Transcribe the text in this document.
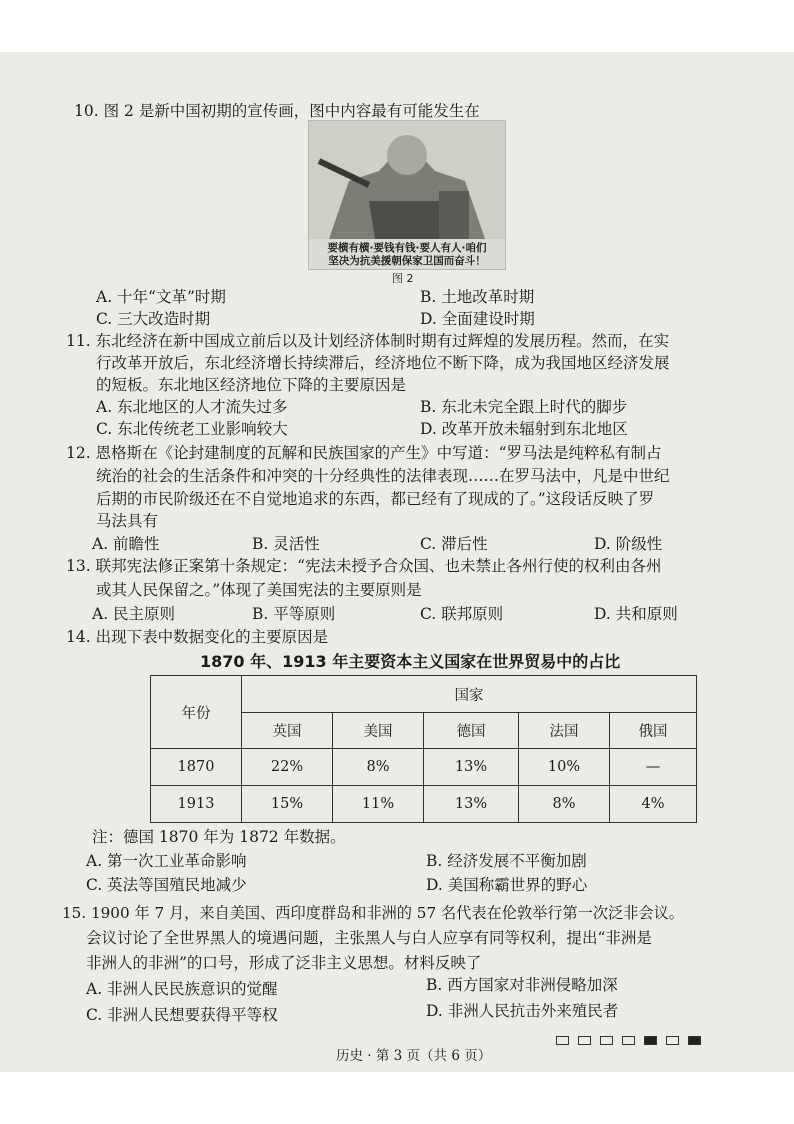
10. 图 2 是新中国初期的宣传画，图中内容最有可能发生在
要横有横·要钱有钱·要人有人·咱们
坚决为抗美援朝保家卫国而奋斗！
图 2
A. 十年“文革”时期	B. 土地改革时期
C. 三大改造时期	D. 全面建设时期
11. 东北经济在新中国成立前后以及计划经济体制时期有过辉煌的发展历程。然而，在实
行改革开放后，东北经济增长持续滞后，经济地位不断下降，成为我国地区经济发展
的短板。东北地区经济地位下降的主要原因是
A. 东北地区的人才流失过多	B. 东北未完全跟上时代的脚步
C. 东北传统老工业影响较大	D. 改革开放未辐射到东北地区
12. 恩格斯在《论封建制度的瓦解和民族国家的产生》中写道：“罗马法是纯粹私有制占
统治的社会的生活条件和冲突的十分经典性的法律表现……在罗马法中，凡是中世纪
后期的市民阶级还在不自觉地追求的东西，都已经有了现成的了。”这段话反映了罗
马法具有
A. 前瞻性	B. 灵活性	C. 滞后性	D. 阶级性
13. 联邦宪法修正案第十条规定：“宪法未授予合众国、也未禁止各州行使的权利由各州
或其人民保留之。”体现了美国宪法的主要原则是
A. 民主原则	B. 平等原则	C. 联邦原则	D. 共和原则
14. 出现下表中数据变化的主要原因是
1870 年、1913 年主要资本主义国家在世界贸易中的占比
年份	国家				
	英国	美国	德国	法国	俄国
1870	22%	8%	13%	10%	—
1913	15%	11%	13%	8%	4%
注：德国 1870 年为 1872 年数据。
A. 第一次工业革命影响	B. 经济发展不平衡加剧
C. 英法等国殖民地减少	D. 美国称霸世界的野心
15. 1900 年 7 月，来自美国、西印度群岛和非洲的 57 名代表在伦敦举行第一次泛非会议。
会议讨论了全世界黑人的境遇问题，主张黑人与白人应享有同等权利，提出“非洲是
非洲人的非洲”的口号，形成了泛非主义思想。材料反映了
A. 非洲人民民族意识的觉醒	B. 西方国家对非洲侵略加深
C. 非洲人民想要获得平等权	D. 非洲人民抗击外来殖民者
历史 · 第 3 页（共 6 页）
